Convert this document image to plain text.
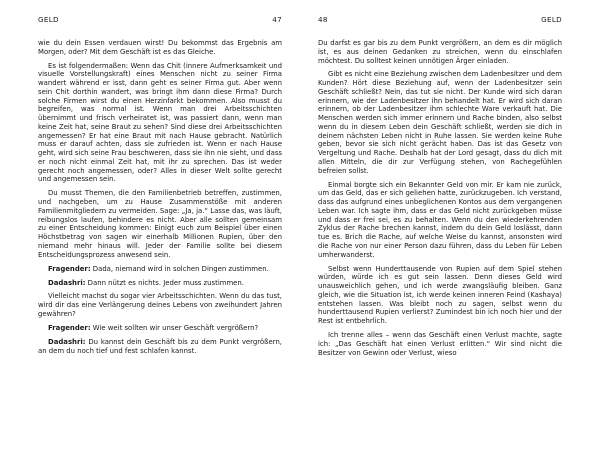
GELD	47

wie du dein Essen verdauen wirst! Du bekommst das Ergebnis am Morgen, oder? Mit dem Geschäft ist es das Gleiche.

Es ist folgendermaßen: Wenn das Chit (innere Aufmerksamkeit und visuelle Vorstellungskraft) eines Menschen nicht zu seiner Firma wandert während er isst, dann geht es seiner Firma gut. Aber wenn sein Chit dorthin wandert, was bringt ihm dann diese Firma? Durch solche Firmen wirst du einen Herzinfarkt bekommen. Also musst du begreifen, was normal ist. Wenn man drei Arbeitsschichten übernimmt und frisch verheiratet ist, was passiert dann, wenn man keine Zeit hat, seine Braut zu sehen? Sind diese drei Arbeitsschichten angemessen? Er hat eine Braut mit nach Hause gebracht. Natürlich muss er darauf achten, dass sie zufrieden ist. Wenn er nach Hause geht, wird sich seine Frau beschweren, dass sie ihn nie sieht, und dass er noch nicht einmal Zeit hat, mit ihr zu sprechen. Das ist weder gerecht noch angemessen, oder? Alles in dieser Welt sollte gerecht und angemessen sein.

Du musst Themen, die den Familienbetrieb betreffen, zustimmen, und nachgeben, um zu Hause Zusammenstöße mit anderen Familienmitgliedern zu vermeiden. Sage: „Ja, ja.“ Lasse das, was läuft, reibungslos laufen, behindere es nicht. Aber alle sollten gemeinsam zu einer Entscheidung kommen: Einigt euch zum Beispiel über einen Höchstbetrag von sagen wir einerhalb Millionen Rupien, über den niemand mehr hinaus will. Jeder der Familie sollte bei diesem Entscheidungsprozess anwesend sein.

Fragender: Dada, niemand wird in solchen Dingen zustimmen.

Dadashri: Dann nützt es nichts. Jeder muss zustimmen.

Vielleicht machst du sogar vier Arbeitsschichten. Wenn du das tust, wird dir das eine Verlängerung deines Lebens von zweihundert Jahren gewähren?

Fragender: Wie weit sollten wir unser Geschäft vergrößern?

Dadashri: Du kannst dein Geschäft bis zu dem Punkt vergrößern, an dem du noch tief und fest schlafen kannst.

48	GELD

Du darfst es gar bis zu dem Punkt vergrößern, an dem es dir möglich ist, es aus deinen Gedanken zu streichen, wenn du einschlafen möchtest. Du solltest keinen unnötigen Ärger einladen.

Gibt es nicht eine Beziehung zwischen dem Ladenbesitzer und dem Kunden? Hört diese Beziehung auf, wenn der Ladenbesitzer sein Geschäft schließt? Nein, das tut sie nicht. Der Kunde wird sich daran erinnern, wie der Ladenbesitzer ihn behandelt hat. Er wird sich daran erinnern, ob der Ladenbesitzer ihm schlechte Ware verkauft hat. Die Menschen werden sich immer erinnern und Rache binden, also selbst wenn du in diesem Leben dein Geschäft schließt, werden sie dich in deinem nächsten Leben nicht in Ruhe lassen. Sie werden keine Ruhe geben, bevor sie sich nicht gerächt haben. Das ist das Gesetz von Vergeltung und Rache. Deshalb hat der Lord gesagt, dass du dich mit allen Mitteln, die dir zur Verfügung stehen, von Rachegefühlen befreien sollst.

Einmal borgte sich ein Bekannter Geld von mir. Er kam nie zurück, um das Geld, das er sich geliehen hatte, zurückzugeben. Ich verstand, dass das aufgrund eines unbeglichenen Kontos aus dem vergangenen Leben war. Ich sagte ihm, dass er das Geld nicht zurückgeben müsse und dass er frei sei, es zu behalten. Wenn du den wiederkehrenden Zyklus der Rache brechen kannst, indem du dein Geld loslässt, dann tue es. Brich die Rache, auf welche Weise du kannst, ansonsten wird die Rache von nur einer Person dazu führen, dass du Leben für Leben umherwanderst.

Selbst wenn Hunderttausende von Rupien auf dem Spiel stehen würden, würde ich es gut sein lassen. Denn dieses Geld wird unausweichlich gehen, und ich werde zwangsläufig bleiben. Ganz gleich, wie die Situation ist, ich werde keinen inneren Feind (Kashaya) entstehen lassen. Was bleibt noch zu sagen, selbst wenn du hunderttausend Rupien verlierst? Zumindest bin ich noch hier und der Rest ist entbehrlich.

Ich trenne alles – wenn das Geschäft einen Verlust machte, sagte ich: „Das Geschäft hat einen Verlust erlitten.“ Wir sind nicht die Besitzer von Gewinn oder Verlust, wieso
